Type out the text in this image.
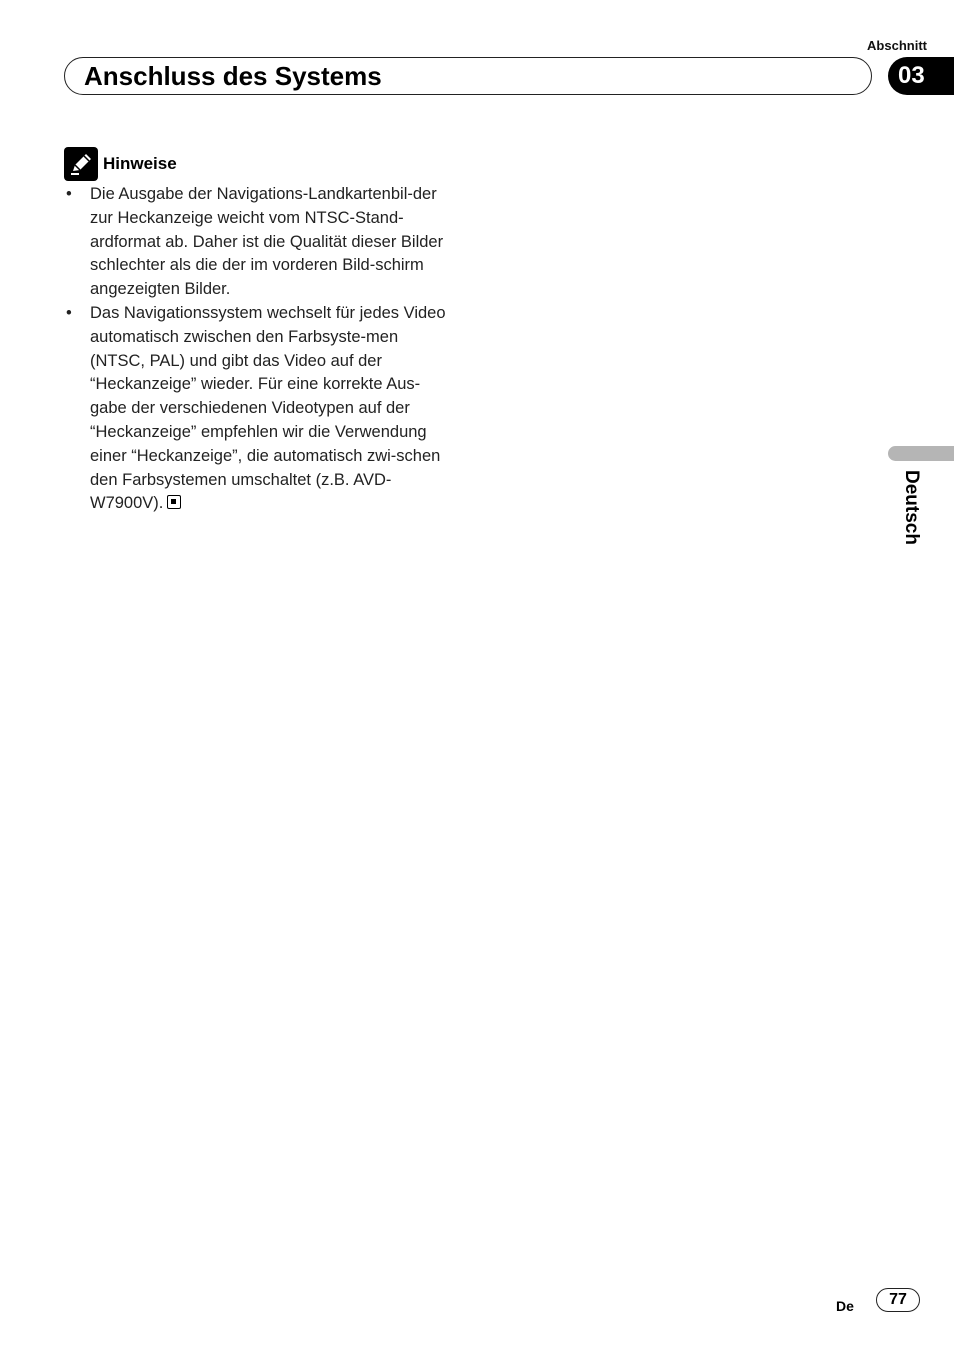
Abschnitt
Anschluss des Systems	03
Hinweise
• Die Ausgabe der Navigations-Landkartenbil-der zur Heckanzeige weicht vom NTSC-Stand-ardformat ab. Daher ist die Qualität dieser Bilder schlechter als die der im vorderen Bild-schirm angezeigten Bilder.
• Das Navigationssystem wechselt für jedes Video automatisch zwischen den Farbsyste-men (NTSC, PAL) und gibt das Video auf der “Heckanzeige” wieder. Für eine korrekte Aus-gabe der verschiedenen Videotypen auf der “Heckanzeige” empfehlen wir die Verwendung einer “Heckanzeige”, die automatisch zwi-schen den Farbsystemen umschaltet (z.B. AVD-W7900V).	Deutsch
De	77
